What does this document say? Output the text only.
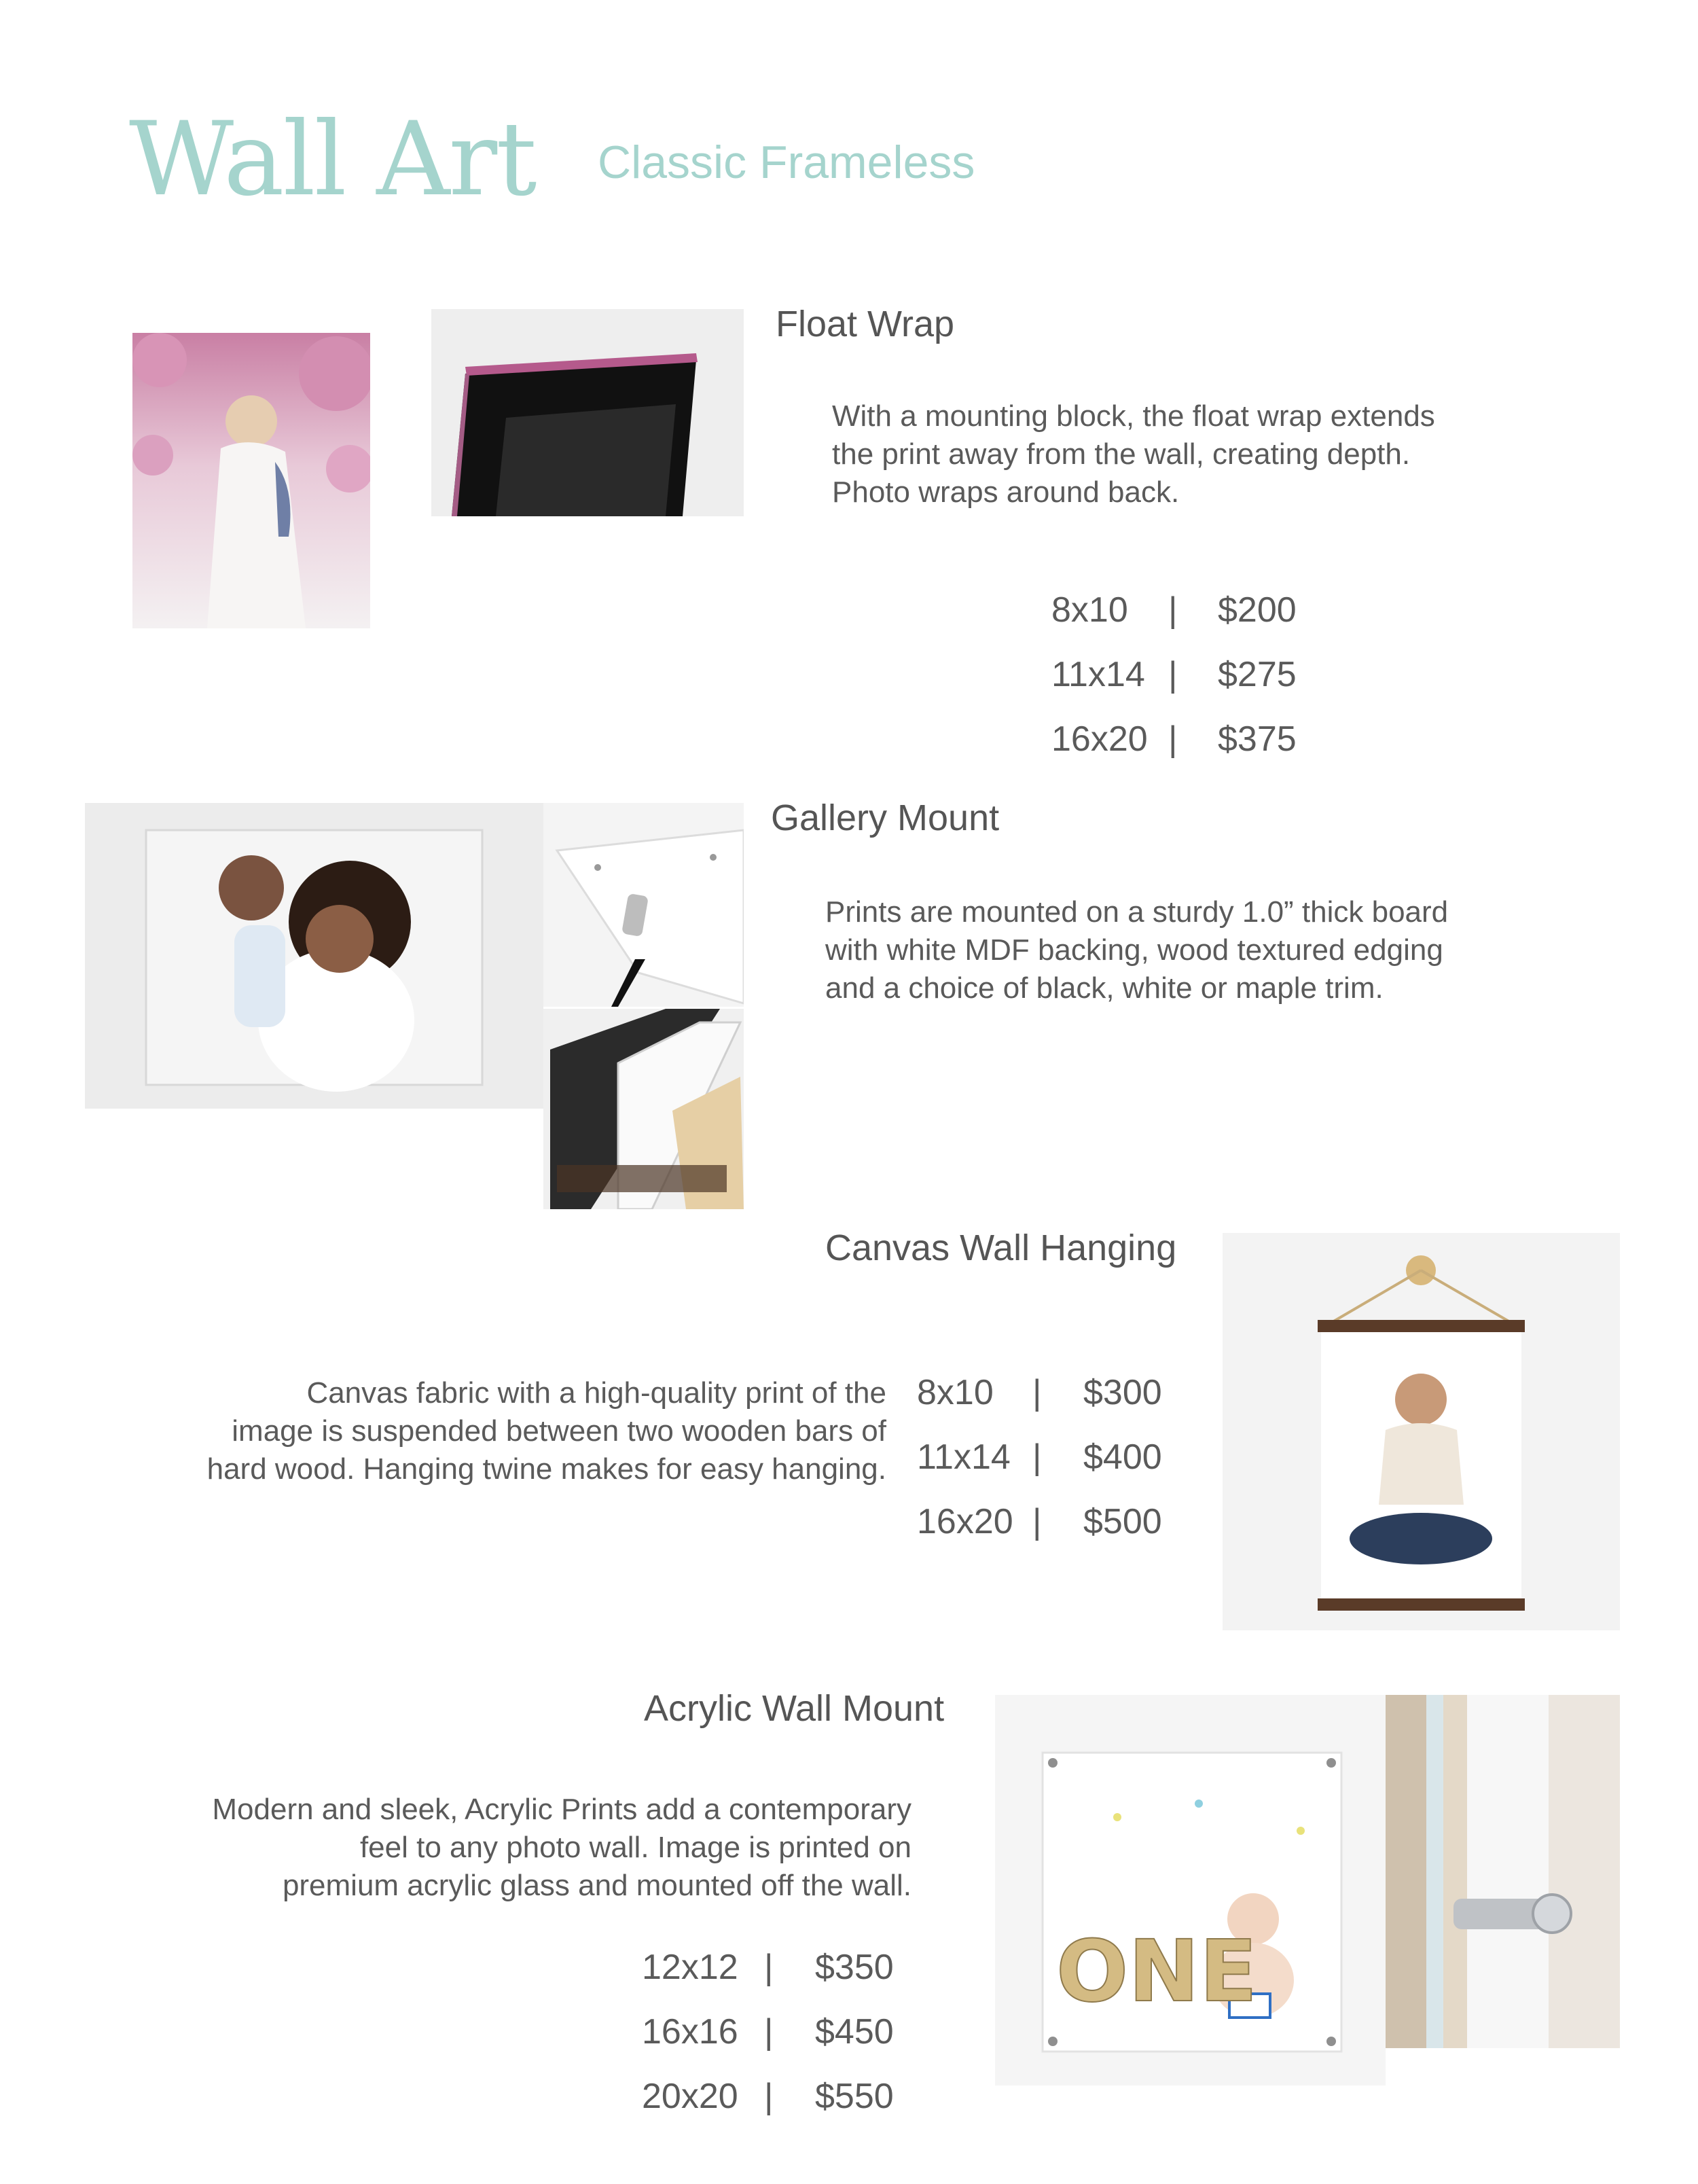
Wall Art Classic Frameless
Float Wrap
With a mounting block, the float wrap extends
the print away from the wall, creating depth.
Photo wraps around back.
8x10 | $200
11x14 | $275
16x20 | $375
Gallery Mount
Prints are mounted on a sturdy 1.0” thick board
with white MDF backing, wood textured edging
and a choice of black, white or maple trim.
Canvas Wall Hanging
Canvas fabric with a high-quality print of the
image is suspended between two wooden bars of
hard wood. Hanging twine makes for easy hanging.
8x10 | $300
11x14 | $400
16x20 | $500
Acrylic Wall Mount
Modern and sleek, Acrylic Prints add a contemporary
feel to any photo wall. Image is printed on
premium acrylic glass and mounted off the wall.
12x12 | $350
16x16 | $450
20x20 | $550
ONE
